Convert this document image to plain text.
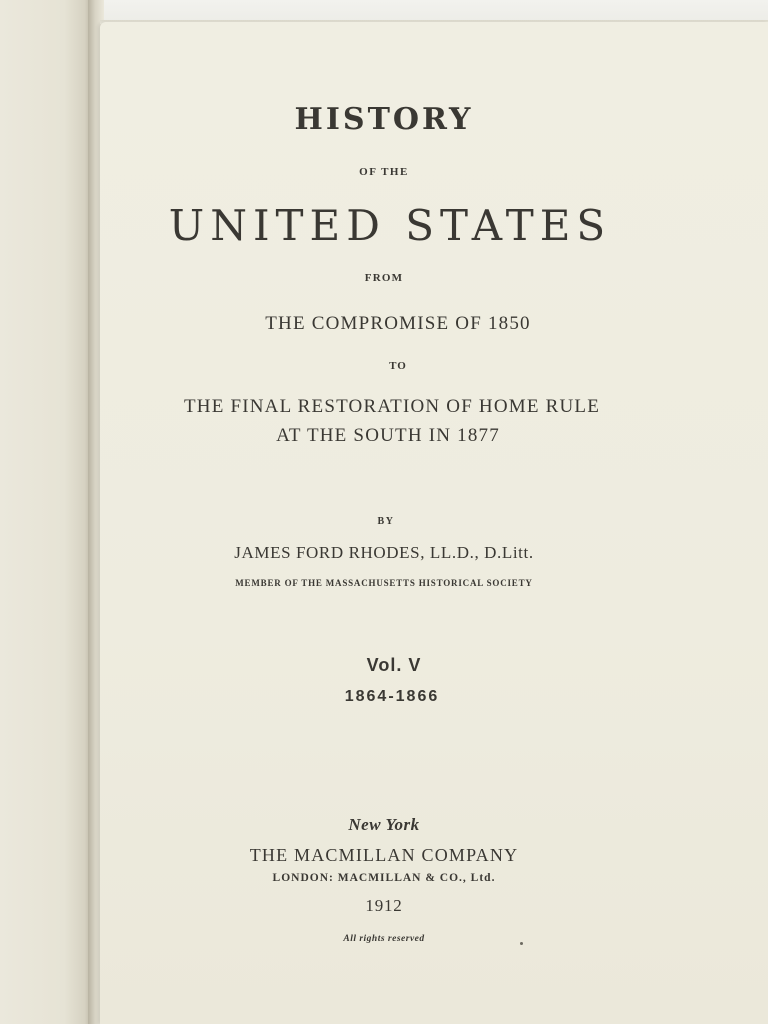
HISTORY

OF THE

UNITED STATES

FROM

THE COMPROMISE OF 1850

TO

THE FINAL RESTORATION OF HOME RULE

AT THE SOUTH IN 1877

BY

JAMES FORD RHODES, LL.D., D.Litt.

MEMBER OF THE MASSACHUSETTS HISTORICAL SOCIETY

Vol. V

1864-1866

New York

THE MACMILLAN COMPANY

LONDON: MACMILLAN & CO., Ltd.

1912

All rights reserved
